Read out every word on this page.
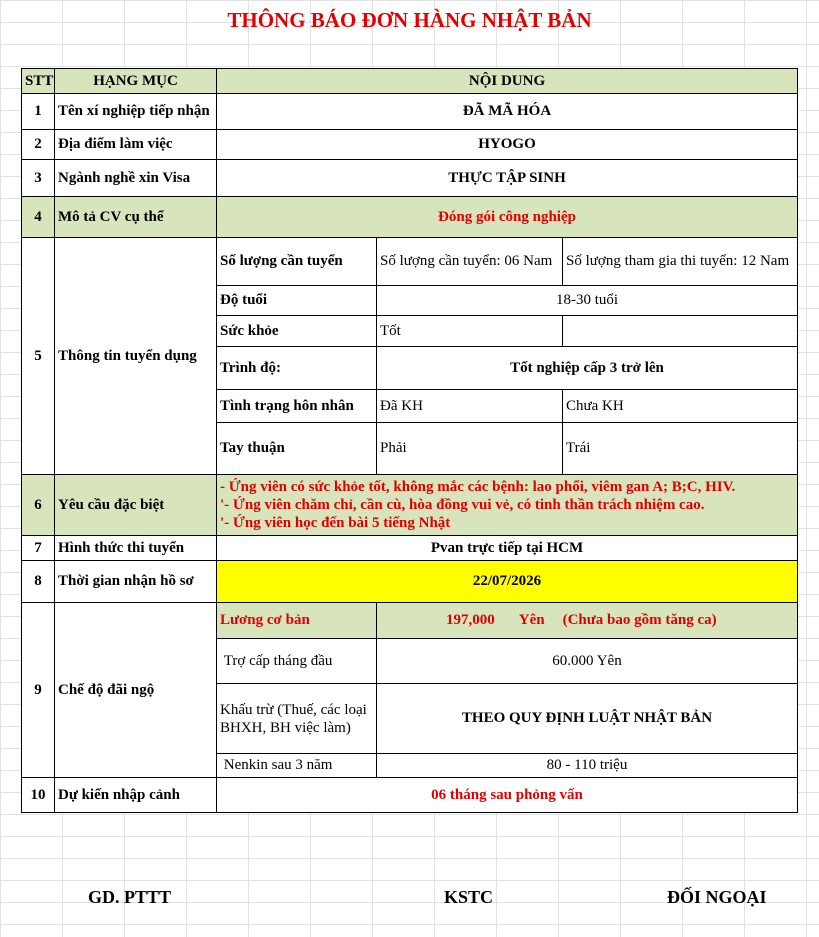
THÔNG BÁO ĐƠN HÀNG NHẬT BẢN
STT	HẠNG MỤC	NỘI DUNG		
1	Tên xí nghiệp tiếp nhận	ĐÃ MÃ HÓA		
2	Địa điểm làm việc	HYOGO		
3	Ngành nghề xin Visa	THỰC TẬP SINH		
4	Mô tả CV cụ thể	Đóng gói công nghiệp		
5	Thông tin tuyển dụng	Số lượng cần tuyển	Số lượng cần tuyển: 06 Nam	Số lượng tham gia thi tuyển: 12 Nam
		Độ tuổi	18-30 tuổi	
		Sức khỏe	Tốt	
		Trình độ:	Tốt nghiệp cấp 3 trở lên	
		Tình trạng hôn nhân	Đã KH	Chưa KH
		Tay thuận	Phải	Trái
6	Yêu cầu đặc biệt	- Ứng viên có sức khỏe tốt, không mắc các bệnh: lao phổi, viêm gan A; B;C, HIV.
'- Ứng viên chăm chỉ, cần cù, hòa đồng vui vẻ, có tinh thần trách nhiệm cao.
'- Ứng viên học đến bài 5 tiếng Nhật		

7	Hình thức thi tuyển	Pvan trực tiếp tại HCM		
8	Thời gian nhận hồ sơ	22/07/2026		
9	Chế độ đãi ngộ	Lương cơ bản	197,000 Yên (Chưa bao gồm tăng ca)	
		Trợ cấp tháng đầu	60.000 Yên	
		Khấu trừ (Thuế, các loại BHXH, BH việc làm)	THEO QUY ĐỊNH LUẬT NHẬT BẢN	
		Nenkin sau 3 năm	80 - 110 triệu	
10	Dự kiến nhập cảnh	06 tháng sau phỏng vấn		
GD. PTTT	KSTC	ĐỐI NGOẠI
